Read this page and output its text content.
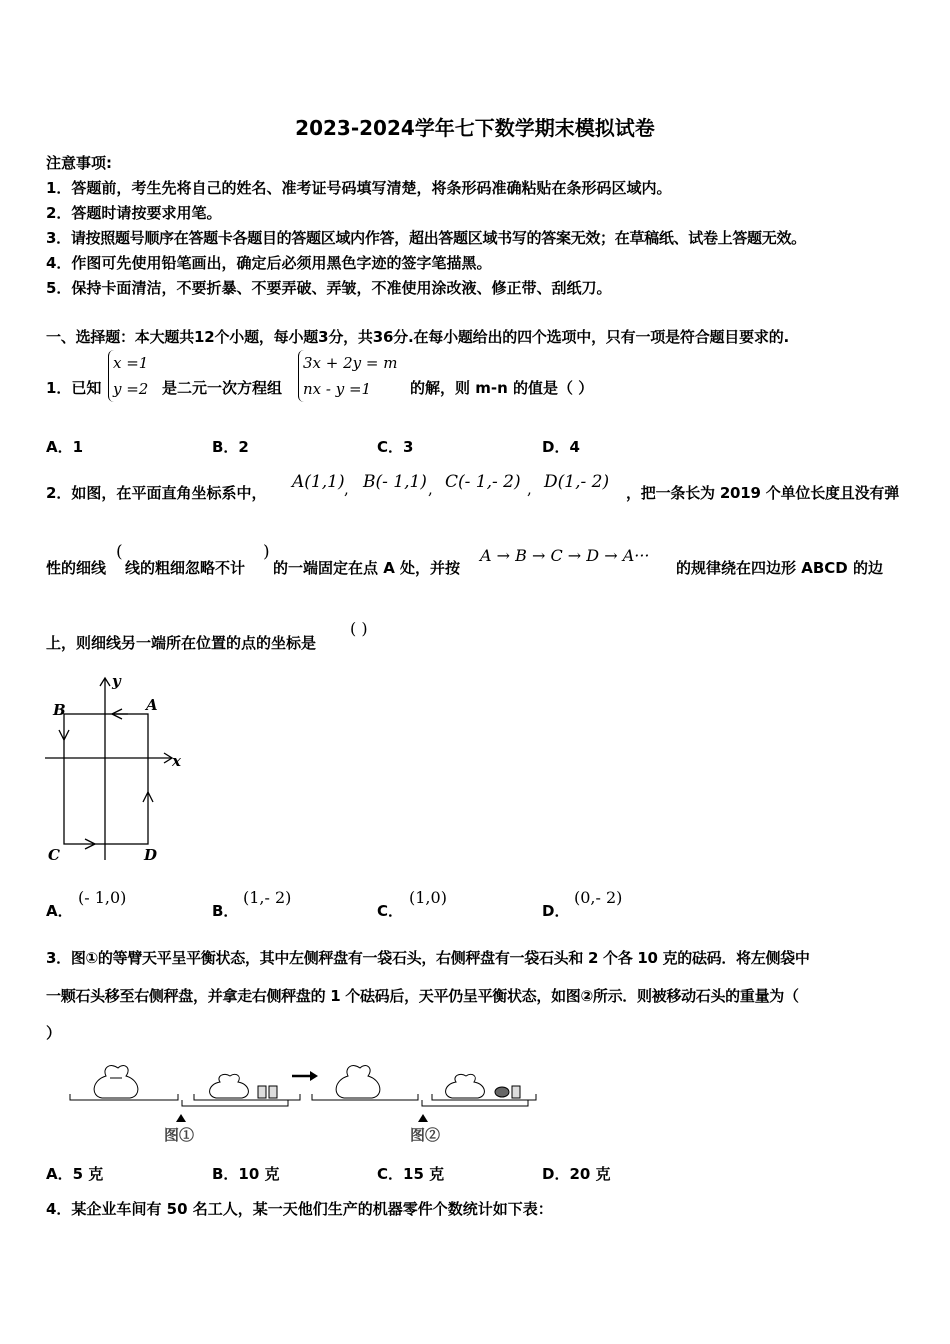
2023-2024学年七下数学期末模拟试卷
注意事项:
1．答题前，考生先将自己的姓名、准考证号码填写清楚，将条形码准确粘贴在条形码区域内。
2．答题时请按要求用笔。
3．请按照题号顺序在答题卡各题目的答题区域内作答，超出答题区域书写的答案无效；在草稿纸、试卷上答题无效。
4．作图可先使用铅笔画出，确定后必须用黑色字迹的签字笔描黑。
5．保持卡面清洁，不要折暴、不要弄破、弄皱，不准使用涂改液、修正带、刮纸刀。
一、选择题：本大题共12个小题，每小题3分，共36分.在每小题给出的四个选项中，只有一项是符合题目要求的.
1．已知
x =1
y =2 是二元一次方程组
3x + 2y = m
nx - y =1	的解，则 m-n 的值是（ ）
A．1	B．2	C．3	D．4
2．如图，在平面直角坐标系中，
A(1,1) , B(- 1,1) , C(- 1,- 2) , D(1,- 2)
，把一条长为 2019 个单位长度且没有弹
性的细线
(
线的粗细忽略不计
)
的一端固定在点 A 处，并按
A → B → C → D → A···
的规律绕在四边形 ABCD 的边
上，则细线另一端所在位置的点的坐标是
( )
y
x
A
B
C	D
A．
(- 1,0)
B．
(1,- 2)
C．
(1,0)
D．
(0,- 2)
3．图①的等臂天平呈平衡状态，其中左侧秤盘有一袋石头，右侧秤盘有一袋石头和 2 个各 10 克的砝码．将左侧袋中
一颗石头移至右侧秤盘，并拿走右侧秤盘的 1 个砝码后，天平仍呈平衡状态，如图②所示．则被移动石头的重量为（
）
图①	图②
A．5 克	B．10 克	C．15 克	D．20 克
4．某企业车间有 50 名工人，某一天他们生产的机器零件个数统计如下表：
